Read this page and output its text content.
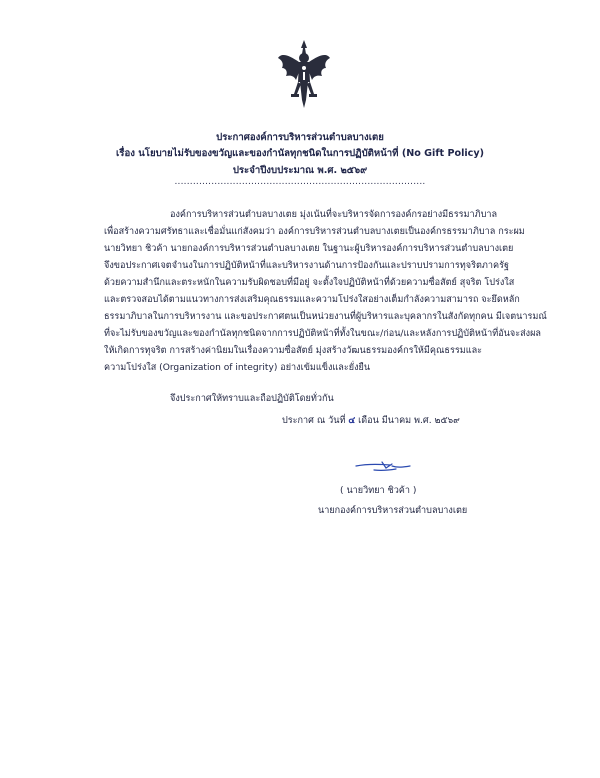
ประกาศองค์การบริหารส่วนตำบลบางเตย
เรื่อง นโยบายไม่รับของขวัญและของกำนัลทุกชนิดในการปฏิบัติหน้าที่ (No Gift Policy)
ประจำปีงบประมาณ พ.ศ. ๒๕๖๙
..................................................................................
องค์การบริหารส่วนตำบลบางเตย มุ่งเน้นที่จะบริหารจัดการองค์กรอย่างมีธรรมาภิบาล
เพื่อสร้างความศรัทธาและเชื่อมั่นแก่สังคมว่า องค์การบริหารส่วนตำบลบางเตยเป็นองค์กรธรรมาภิบาล กระผม
นายวิทยา ชิวค้า นายกองค์การบริหารส่วนตำบลบางเตย ในฐานะผู้บริหารองค์การบริหารส่วนตำบลบางเตย
จึงขอประกาศเจตจำนงในการปฏิบัติหน้าที่และบริหารงานด้านการป้องกันและปราบปรามการทุจริตภาครัฐ
ด้วยความสำนึกและตระหนักในความรับผิดชอบที่มีอยู่ จะตั้งใจปฏิบัติหน้าที่ด้วยความซื่อสัตย์ สุจริต โปร่งใส
และตรวจสอบได้ตามแนวทางการส่งเสริมคุณธรรมและความโปร่งใสอย่างเต็มกำลังความสามารถ จะยึดหลัก
ธรรมาภิบาลในการบริหารงาน และขอประกาศตนเป็นหน่วยงานที่ผู้บริหารและบุคลากรในสังกัดทุกคน มีเจตนารมณ์
ที่จะไม่รับของขวัญและของกำนัลทุกชนิดจากการปฏิบัติหน้าที่ทั้งในขณะ/ก่อน/และหลังการปฏิบัติหน้าที่อันจะส่งผล
ให้เกิดการทุจริต การสร้างค่านิยมในเรื่องความซื่อสัตย์ มุ่งสร้างวัฒนธรรมองค์กรให้มีคุณธรรมและ
ความโปร่งใส (Organization of integrity) อย่างเข้มแข็งและยั่งยืน
จึงประกาศให้ทราบและถือปฏิบัติโดยทั่วกัน
ประกาศ ณ วันที่ ๔ เดือน มีนาคม พ.ศ. ๒๕๖๙
( นายวิทยา ชิวค้า )
นายกองค์การบริหารส่วนตำบลบางเตย
